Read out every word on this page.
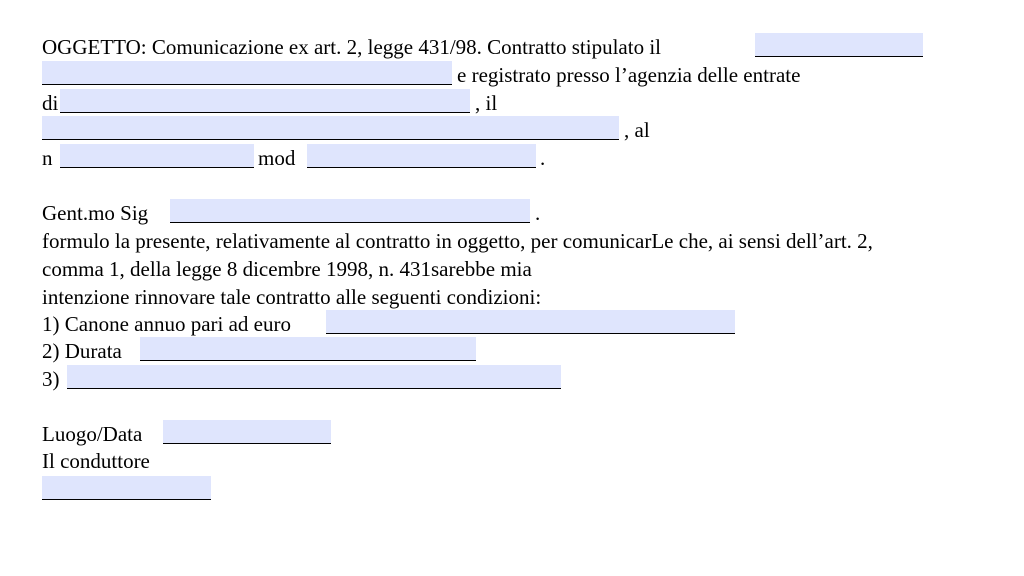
OGGETTO: Comunicazione ex art. 2, legge 431/98. Contratto stipulato il
e registrato presso l’agenzia delle entrate
di	, il
, al
n	mod	.
Gent.mo Sig	.
formulo la presente, relativamente al contratto in oggetto, per comunicarLe che, ai sensi dell’art. 2,
comma 1, della legge 8 dicembre 1998, n. 431sarebbe mia
intenzione rinnovare tale contratto alle seguenti condizioni:
1) Canone annuo pari ad euro
2) Durata
3)
Luogo/Data
Il conduttore
